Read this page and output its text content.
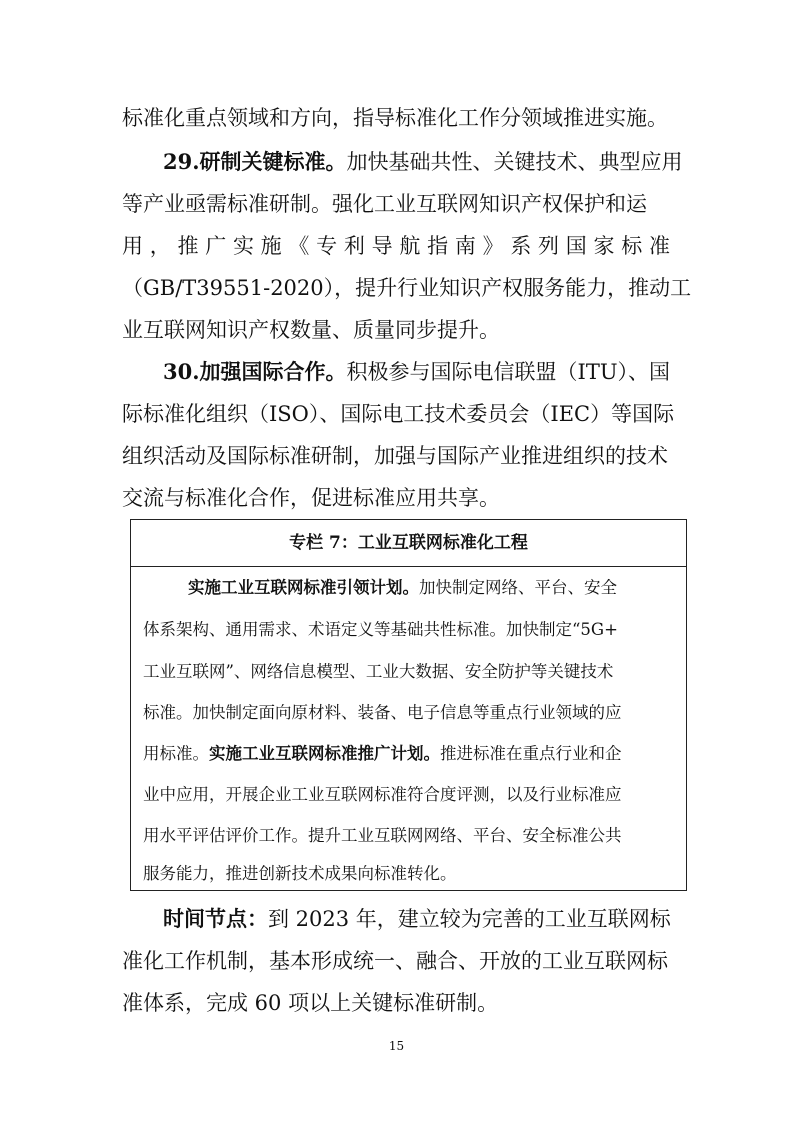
标准化重点领域和方向，指导标准化工作分领域推进实施。
29.研制关键标准。加快基础共性、关键技术、典型应用
等产业亟需标准研制。强化工业互联网知识产权保护和运
用，推广实施《专利导航指南》系列国家标准
（GB/T39551-2020），提升行业知识产权服务能力，推动工
业互联网知识产权数量、质量同步提升。
30.加强国际合作。积极参与国际电信联盟（ITU）、国
际标准化组织（ISO）、国际电工技术委员会（IEC）等国际
组织活动及国际标准研制，加强与国际产业推进组织的技术
交流与标准化合作，促进标准应用共享。
专栏 7：工业互联网标准化工程
实施工业互联网标准引领计划。加快制定网络、平台、安全
体系架构、通用需求、术语定义等基础共性标准。加快制定“5G+
工业互联网”、网络信息模型、工业大数据、安全防护等关键技术
标准。加快制定面向原材料、装备、电子信息等重点行业领域的应
用标准。实施工业互联网标准推广计划。推进标准在重点行业和企
业中应用，开展企业工业互联网标准符合度评测，以及行业标准应
用水平评估评价工作。提升工业互联网网络、平台、安全标准公共
服务能力，推进创新技术成果向标准转化。
时间节点：到 2023 年，建立较为完善的工业互联网标
准化工作机制，基本形成统一、融合、开放的工业互联网标
准体系，完成 60 项以上关键标准研制。
15
